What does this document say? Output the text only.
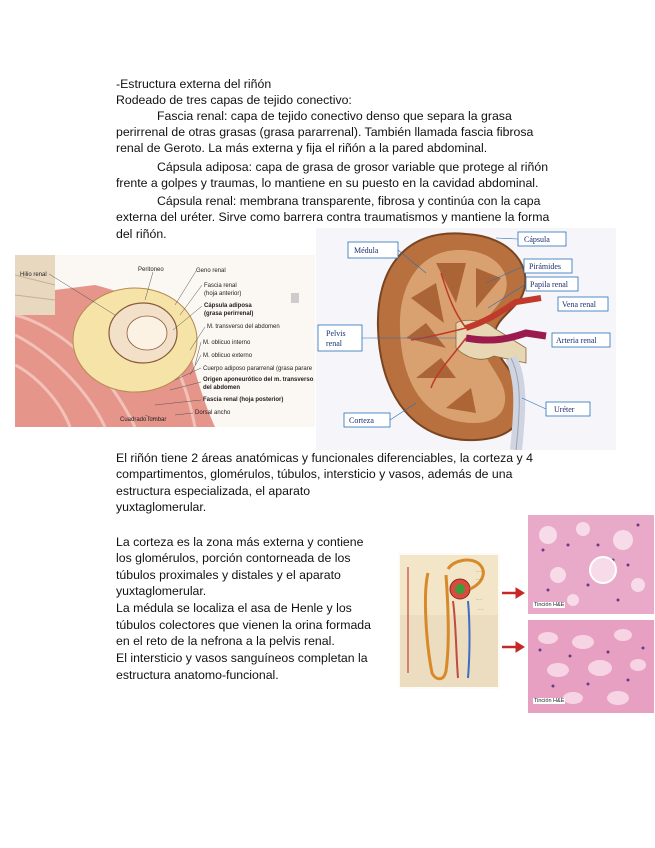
-Estructura externa del riñón
Rodeado de tres capas de tejido conectivo:
Fascia renal: capa de tejido conectivo denso que separa la grasa
perirrenal de otras grasas (grasa pararrenal). También llamada fascia fibrosa
renal de Geroto. La más externa y fija el riñón a la pared abdominal.
Cápsula adiposa: capa de grasa de grosor variable que protege al riñón
frente a golpes y traumas, lo mantiene en su puesto en la cavidad abdominal.
Cápsula renal: membrana transparente, fibrosa y continúa con la capa
externa del uréter. Sirve como barrera contra traumatismos y mantiene la forma
del riñón.
Hilio renal
Peritoneo	Geno renal
Fascia renal
(hoja anterior)
Cápsula adiposa
(grasa perirrenal)
M. transverso del abdomen
M. oblicuo interno
M. oblicuo externo
Cuerpo adiposo pararrenal (grasa parare
Origen aponeurótico del m. transverso
del abdomen
Fascia renal (hoja posterior)
Dorsal ancho
Cuadrado lumbar
Médula
Cápsula
Pirámides
Papila renal
Vena renal
Arteria renal
Pelvis
renal
Corteza
Uréter
El riñón tiene 2 áreas anatómicas y funcionales diferenciables, la corteza y 4
compartimentos, glomérulos, túbulos, intersticio y vasos, además de una
estructura especializada, el aparato
yuxtaglomerular.
La corteza es la zona más externa y contiene
los glomérulos, porción contorneada de los
túbulos proximales y distales y el aparato
yuxtaglomerular.
La médula se localiza el asa de Henle y los
túbulos colectores que vienen la orina formada
en el reto de la nefrona a la pelvis renal.
El intersticio y vasos sanguíneos completan la
estructura anatomo-funcional.
·····
·····
·····
·····
Tinción H&E
Tinción H&E
